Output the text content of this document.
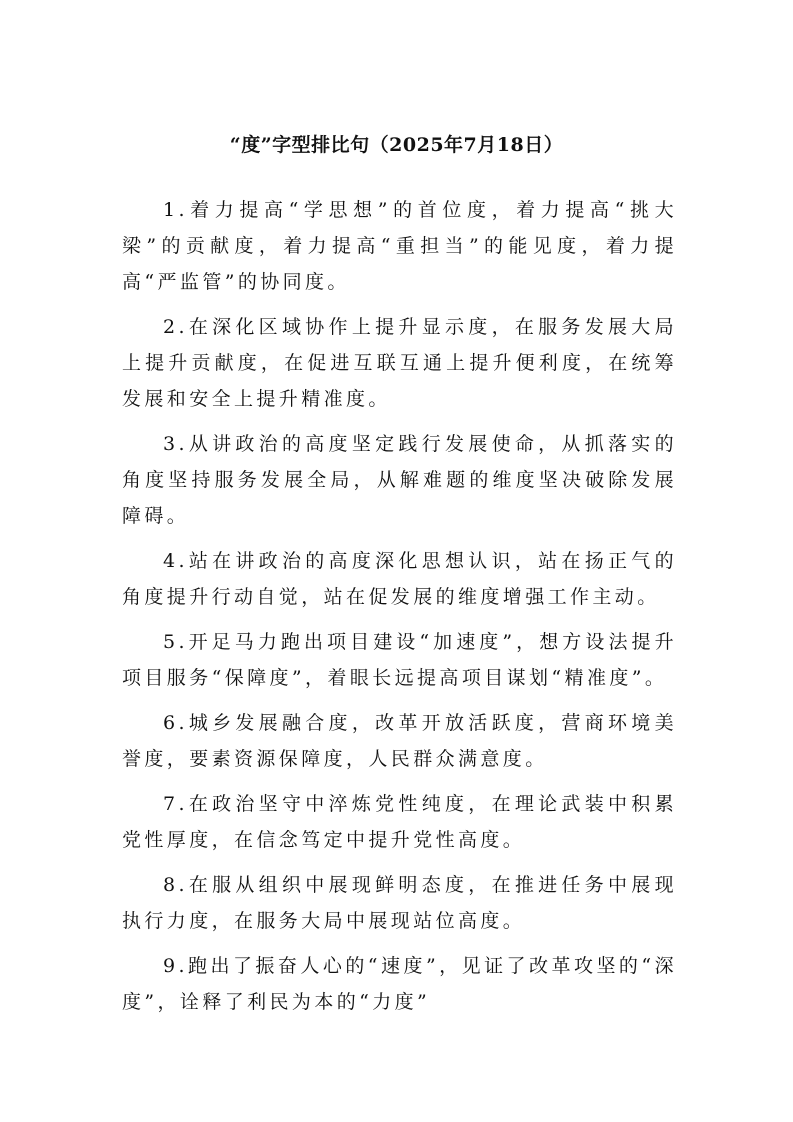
“度”字型排比句（2025年7月18日）

1.着力提高“学思想”的首位度，着力提高“挑大梁”的贡献度，着力提高“重担当”的能见度，着力提高“严监管”的协同度。

2.在深化区域协作上提升显示度，在服务发展大局上提升贡献度，在促进互联互通上提升便利度，在统筹发展和安全上提升精准度。

3.从讲政治的高度坚定践行发展使命，从抓落实的角度坚持服务发展全局，从解难题的维度坚决破除发展障碍。

4.站在讲政治的高度深化思想认识，站在扬正气的角度提升行动自觉，站在促发展的维度增强工作主动。

5.开足马力跑出项目建设“加速度”，想方设法提升项目服务“保障度”，着眼长远提高项目谋划“精准度”。

6.城乡发展融合度，改革开放活跃度，营商环境美誉度，要素资源保障度，人民群众满意度。

7.在政治坚守中淬炼党性纯度，在理论武装中积累党性厚度，在信念笃定中提升党性高度。

8.在服从组织中展现鲜明态度，在推进任务中展现执行力度，在服务大局中展现站位高度。

9.跑出了振奋人心的“速度”，见证了改革攻坚的“深度”，诠释了利民为本的“力度”
